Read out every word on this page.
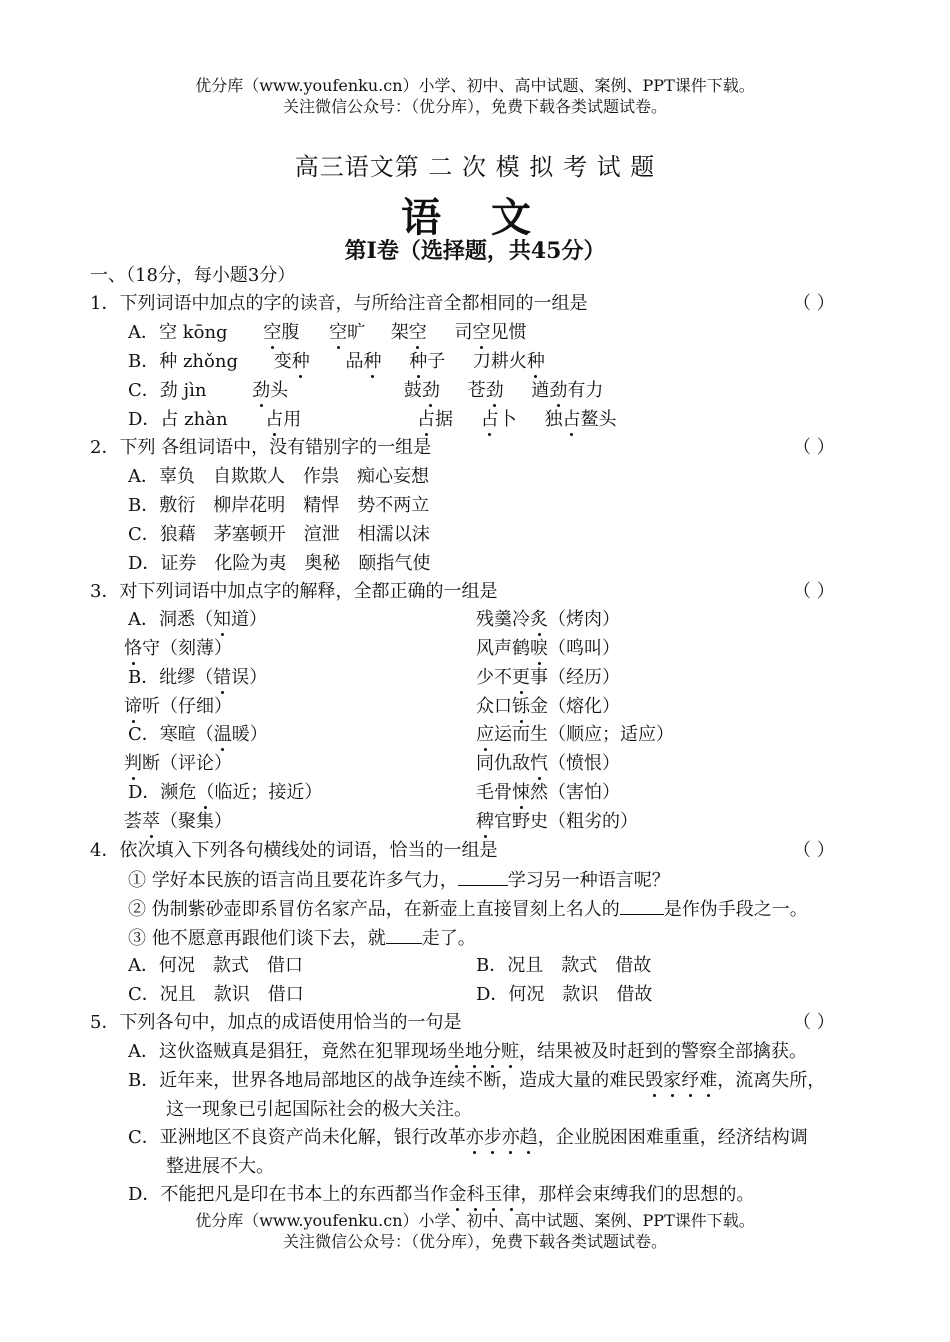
优分库（www.youfenku.cn）小学、初中、高中试题、案例、PPT课件下载。
关注微信公众号：（优分库），免费下载各类试题试卷。
高三语文第 二 次 模 拟 考 试 题
语 文
第Ⅰ卷（选择题，共45分）
一、（18分，每小题3分）
1．下列词语中加点的字的读音，与所给注音全都相同的一组是	（ ）
A．空 kōng 空腹 空旷 架空 司空见惯
B．种 zhǒng 变种 品种 种子 刀耕火种
C．劲 jìn	劲头	鼓劲 苍劲 遒劲有力
D．占 zhàn 占用	占据 占卜 独占鳌头
2．下列 各组词语中，没有错别字的一组是	（ ）
A．辜负　自欺欺人　作祟　痴心妄想
B．敷衍　柳岸花明　精悍　势不两立
C．狼藉　茅塞顿开　渲泄　相濡以沫
D．证券　化险为夷　奥秘　颐指气使
3．对下列词语中加点字的解释，全都正确的一组是	（ ）
A．洞悉（知道）	残羹冷炙（烤肉）
恪守（刻薄）	风声鹤唳（鸣叫）
B．纰缪（错误）	少不更事（经历）
谛听（仔细）	众口铄金（熔化）
C．寒暄（温暖）	应运而生（顺应；适应）
判断（评论）	同仇敌忾（愤恨）
D．濒危（临近；接近）	毛骨悚然（害怕）
荟萃（聚集）	稗官野史（粗劣的）
4．依次填入下列各句横线处的词语，恰当的一组是	（ ）
① 学好本民族的语言尚且要花许多气力，	学习另一种语言呢？
② 伪制紫砂壶即系冒仿名家产品，在新壶上直接冒刻上名人的 是作伪手段之一。
③ 他不愿意再跟他们谈下去，就 走了。
A．何况　款式　借口	B．况且　款式　借故
C．况且　款识　借口	D．何况　款识　借故
5．下列各句中，加点的成语使用恰当的一句是	（ ）
A．这伙盗贼真是猖狂，竟然在犯罪现场坐地分赃，结果被及时赶到的警察全部擒获。
B．近年来，世界各地局部地区的战争连续不断，造成大量的难民毁家纾难，流离失所，
这一现象已引起国际社会的极大关注。
C．亚洲地区不良资产尚未化解，银行改革亦步亦趋，企业脱困困难重重，经济结构调
整进展不大。
D．不能把凡是印在书本上的东西都当作金科玉律，那样会束缚我们的思想的。
优分库（www.youfenku.cn）小学、初中、高中试题、案例、PPT课件下载。
关注微信公众号：（优分库），免费下载各类试题试卷。
